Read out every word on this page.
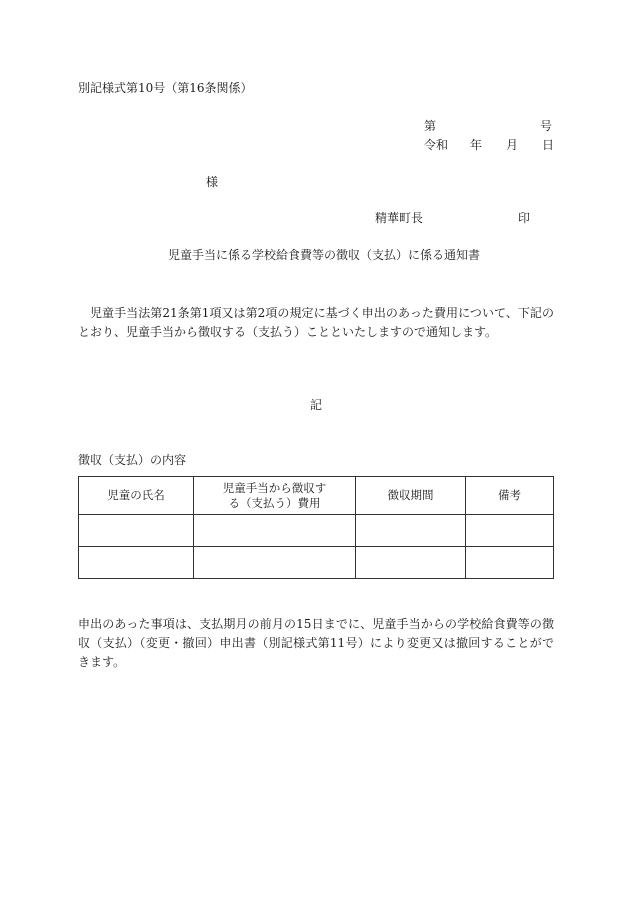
別記様式第10号（第16条関係）
第	号
令和 年 月 日
様
精華町長	印
児童手当に係る学校給食費等の徴収（支払）に係る通知書
児童手当法第21条第1項又は第2項の規定に基づく申出のあった費用について、下記のとおり、児童手当から徴収する（支払う）ことといたしますので通知します。
記
徴収（支払）の内容
児童の氏名	児童手当から徴収する（支払う）費用	徴収期間	備考

申出のあった事項は、支払期月の前月の15日までに、児童手当からの学校給食費等の徴収（支払）（変更・撤回）申出書（別記様式第11号）により変更又は撤回することができます。
